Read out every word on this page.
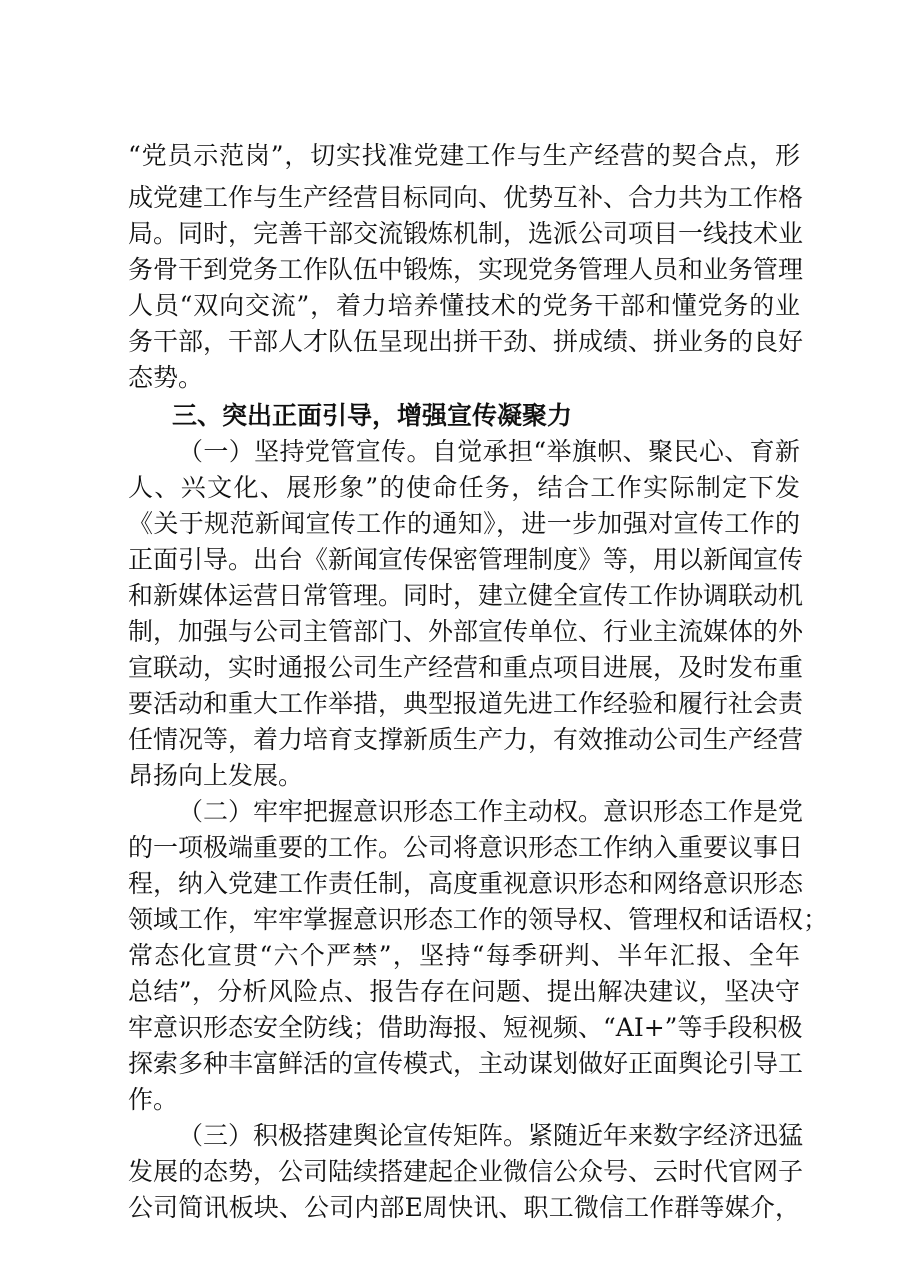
“党员示范岗”，切实找准党建工作与生产经营的契合点，形

成党建工作与生产经营目标同向、优势互补、合力共为工作格

局。同时，完善干部交流锻炼机制，选派公司项目一线技术业

务骨干到党务工作队伍中锻炼，实现党务管理人员和业务管理

人员“双向交流”，着力培养懂技术的党务干部和懂党务的业

务干部，干部人才队伍呈现出拼干劲、拼成绩、拼业务的良好

态势。

三、突出正面引导，增强宣传凝聚力

（一）坚持党管宣传。自觉承担“举旗帜、聚民心、育新

人、兴文化、展形象”的使命任务，结合工作实际制定下发

《关于规范新闻宣传工作的通知》，进一步加强对宣传工作的

正面引导。出台《新闻宣传保密管理制度》等，用以新闻宣传

和新媒体运营日常管理。同时，建立健全宣传工作协调联动机

制，加强与公司主管部门、外部宣传单位、行业主流媒体的外

宣联动，实时通报公司生产经营和重点项目进展，及时发布重

要活动和重大工作举措，典型报道先进工作经验和履行社会责

任情况等，着力培育支撑新质生产力，有效推动公司生产经营

昂扬向上发展。

（二）牢牢把握意识形态工作主动权。意识形态工作是党

的一项极端重要的工作。公司将意识形态工作纳入重要议事日

程，纳入党建工作责任制，高度重视意识形态和网络意识形态

领域工作，牢牢掌握意识形态工作的领导权、管理权和话语权；

常态化宣贯“六个严禁”，坚持“每季研判、半年汇报、全年

总结”，分析风险点、报告存在问题、提出解决建议，坚决守

牢意识形态安全防线；借助海报、短视频、“AI+”等手段积极

探索多种丰富鲜活的宣传模式，主动谋划做好正面舆论引导工

作。

（三）积极搭建舆论宣传矩阵。紧随近年来数字经济迅猛

发展的态势，公司陆续搭建起企业微信公众号、云时代官网子

公司简讯板块、公司内部E周快讯、职工微信工作群等媒介，
